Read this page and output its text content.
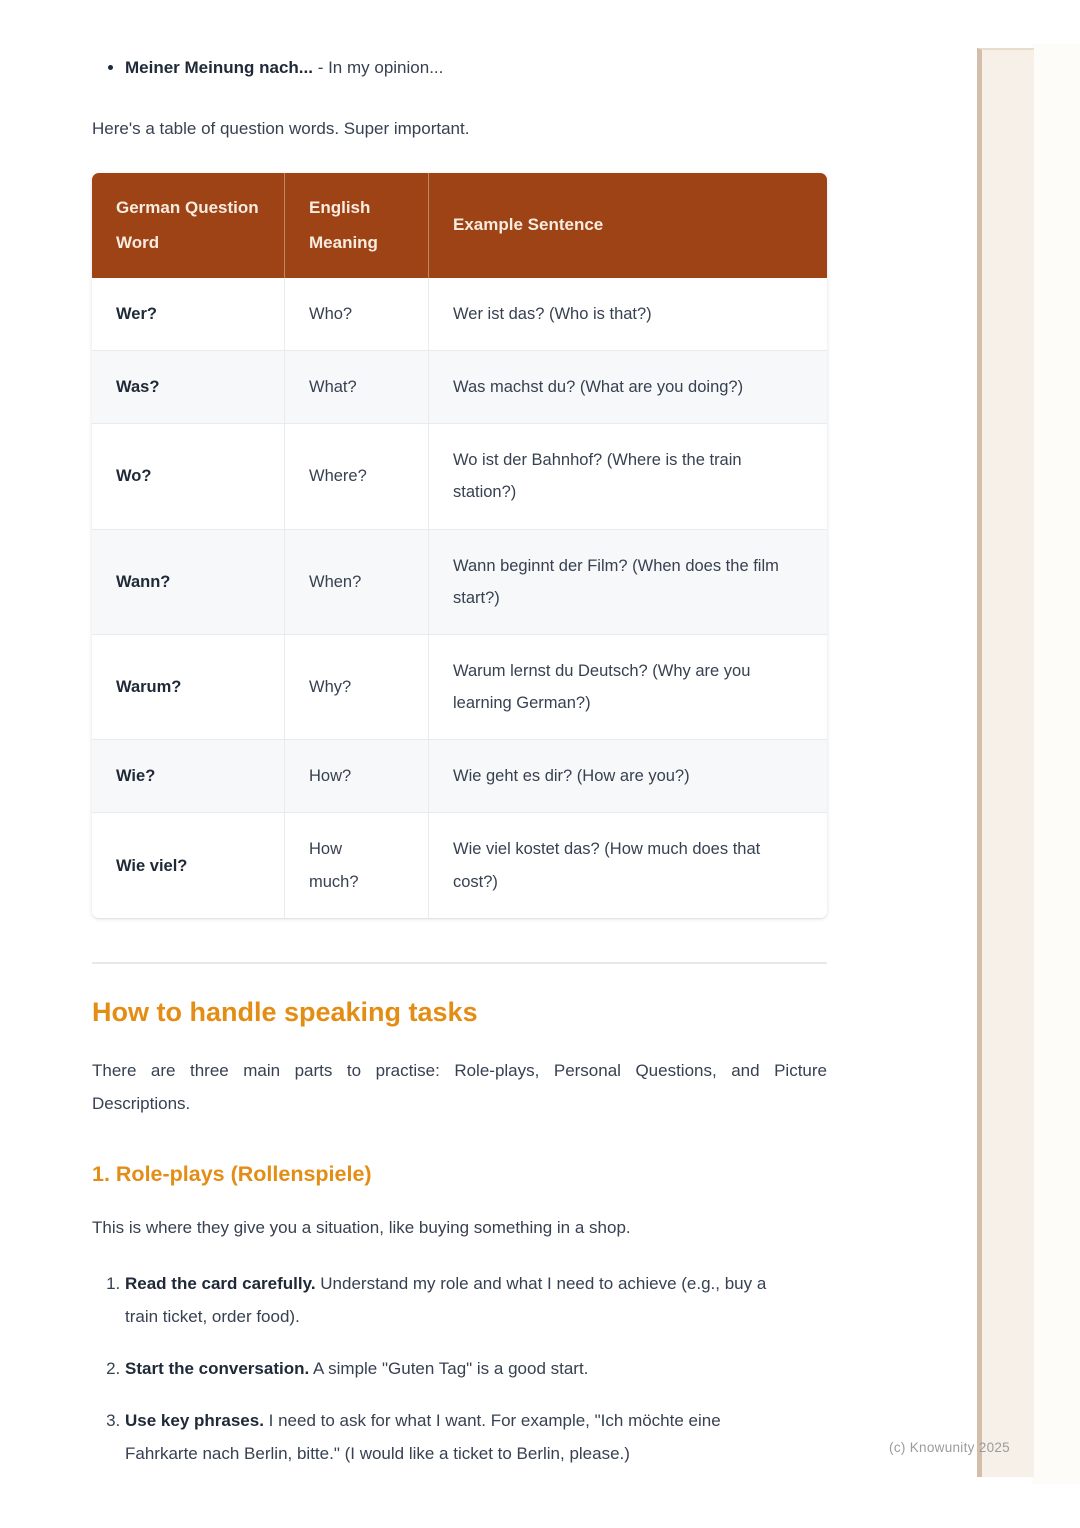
(c) Knowunity 2025
• Meiner Meinung nach... - In my opinion...

Here's a table of question words. Super important.

German Question Word	English Meaning	Example Sentence
Wer?	Who?	Wer ist das? (Who is that?)
Was?	What?	Was machst du? (What are you doing?)
Wo?	Where?	Wo ist der Bahnhof? (Where is the train station?)
Wann?	When?	Wann beginnt der Film? (When does the film start?)
Warum?	Why?	Warum lernst du Deutsch? (Why are you learning German?)
Wie?	How?	Wie geht es dir? (How are you?)
Wie viel?	How much?	Wie viel kostet das? (How much does that cost?)
How to handle speaking tasks

There are three main parts to practise: Role-plays, Personal Questions, and Picture Descriptions.

1. Role-plays (Rollenspiele)

This is where they give you a situation, like buying something in a shop.

1. Read the card carefully. Understand my role and what I need to achieve (e.g., buy a train ticket, order food).
2. Start the conversation. A simple "Guten Tag" is a good start.
3. Use key phrases. I need to ask for what I want. For example, "Ich möchte eine Fahrkarte nach Berlin, bitte." (I would like a ticket to Berlin, please.)
